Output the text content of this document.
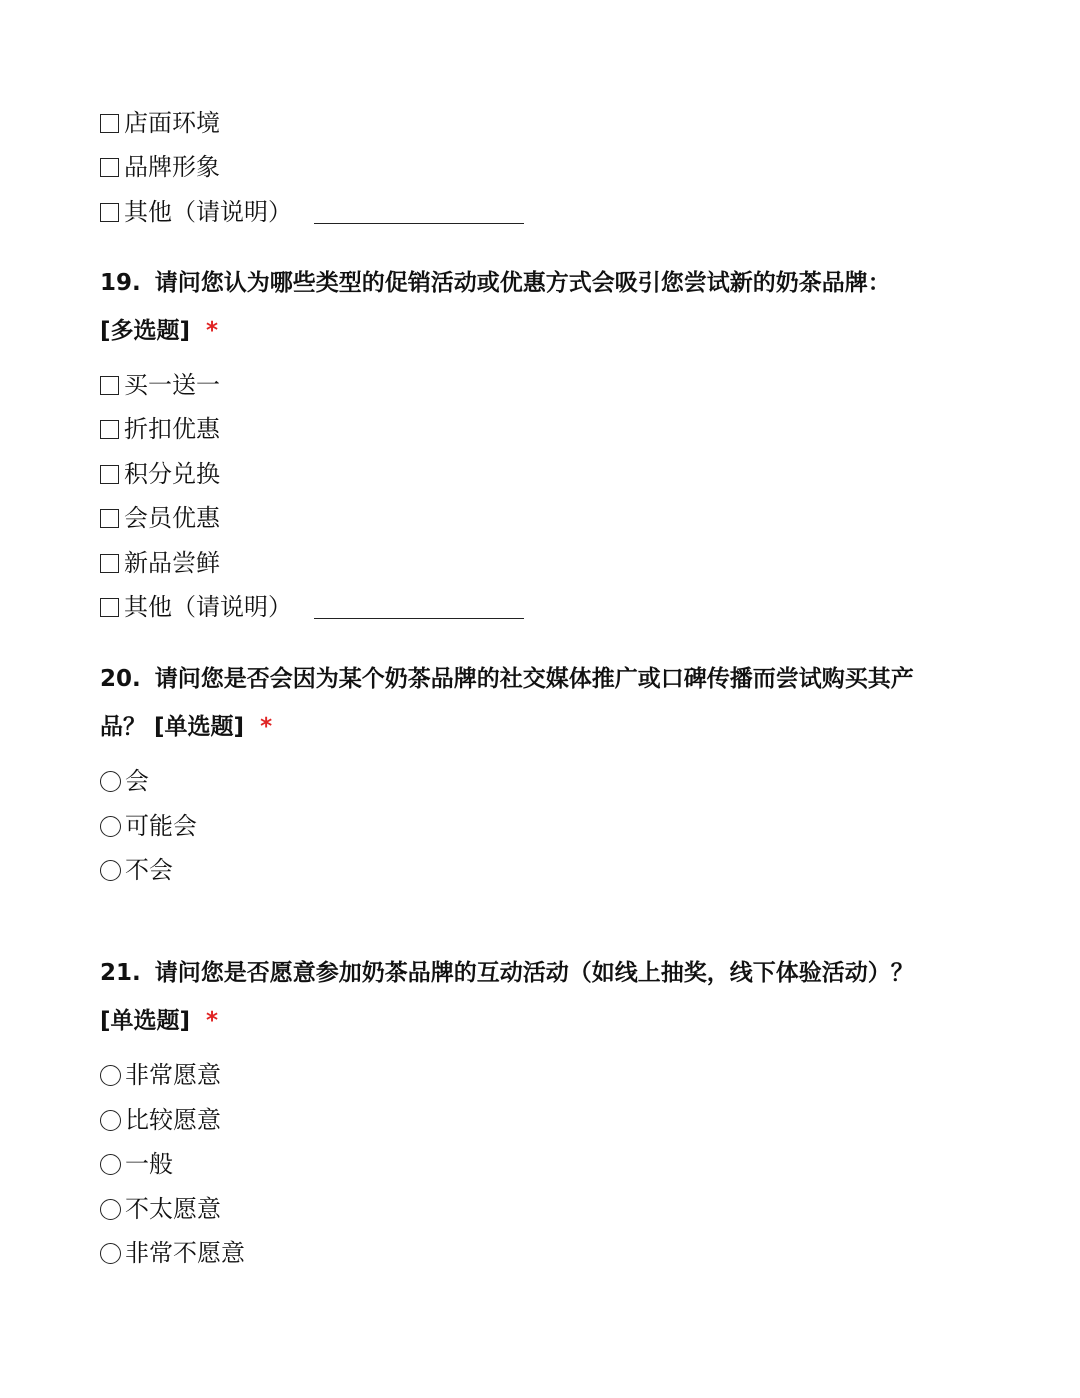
店面环境
品牌形象
其他（请说明）
19. 请问您认为哪些类型的促销活动或优惠方式会吸引您尝试新的奶茶品牌：
[多选题] *
买一送一
折扣优惠
积分兑换
会员优惠
新品尝鲜
其他（请说明）
20. 请问您是否会因为某个奶茶品牌的社交媒体推广或口碑传播而尝试购买其产
品？ [单选题] *
会
可能会
不会
21. 请问您是否愿意参加奶茶品牌的互动活动（如线上抽奖，线下体验活动）？
[单选题] *
非常愿意
比较愿意
一般
不太愿意
非常不愿意
